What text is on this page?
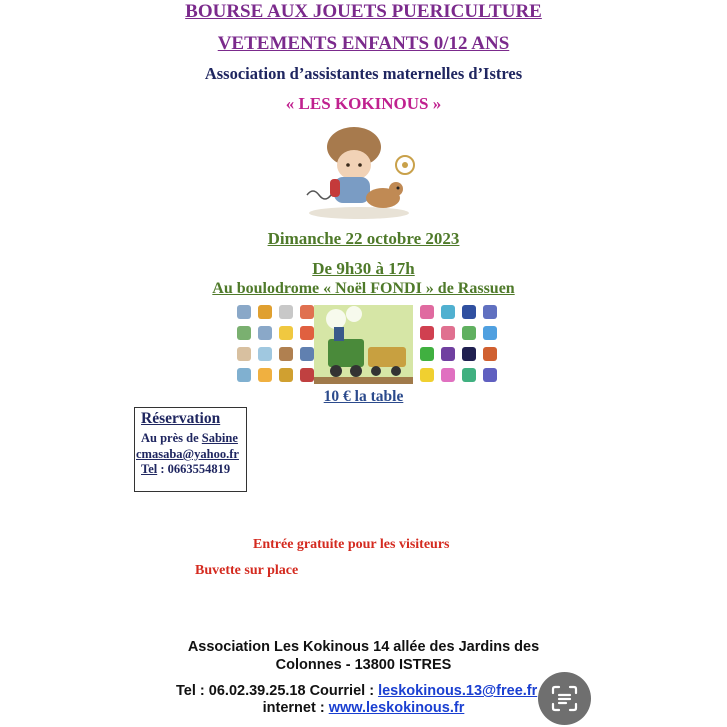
BOURSE AUX JOUETS PUERICULTURE
VETEMENTS ENFANTS 0/12 ANS
Association d’assistantes maternelles d’Istres
« LES KOKINOUS »
Dimanche 22 octobre 2023
De 9h30 à 17h
Au boulodrome « Noël FONDI » de Rassuen
10 € la table
Réservation
Au près de Sabine
cmasaba@yahoo.fr
Tel : 0663554819
Entrée gratuite pour les visiteurs
Buvette sur place
Association Les Kokinous 14 allée des Jardins des
Colonnes - 13800 ISTRES
Tel : 06.02.39.25.18 Courriel : leskokinous.13@free.fr
internet : www.leskokinous.fr
